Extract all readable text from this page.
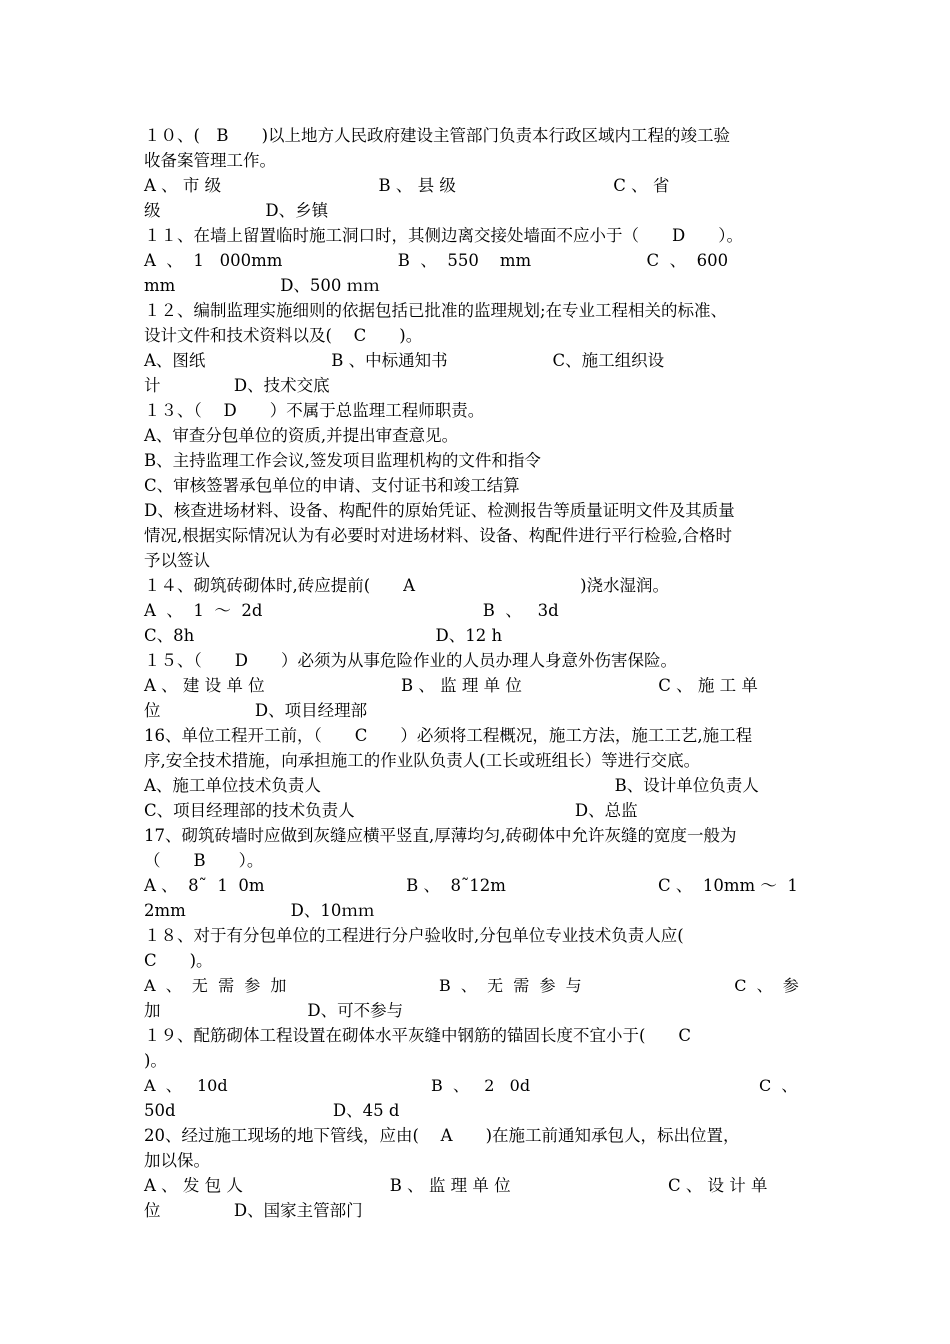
１０、(　B　　)以上地方人民政府建设主管部门负责本行政区域内工程的竣工验
收备案管理工作。
A 、 市 级                              B 、 县 级                              C 、 省
级                    D、乡镇
１１、在墙上留置临时施工洞口时，其侧边离交接处墙面不应小于（　　D　　）。
A  、  1   000mm                      B  、  550    mm                      C  、  600
mm                    D、500 ｍｍ
１２、编制监理实施细则的依据包括已批准的监理规划;在专业工程相关的标准、
设计文件和技术资料以及(　 C　　)。
A、图纸                        B 、中标通知书                    C、施工组织设
计              D、技术交底
１３、（　 D　　）不属于总监理工程师职责。
A、审查分包单位的资质,并提出审查意见。
B、主持监理工作会议,签发项目监理机构的文件和指令
C、审核签署承包单位的申请、支付证书和竣工结算
D、核查进场材料、设备、构配件的原始凭证、检测报告等质量证明文件及其质量
情况,根据实际情况认为有必要时对进场材料、设备、构配件进行平行检验,合格时
予以签认
１４、砌筑砖砌体时,砖应提前(　　A　　　　　　　　　　)浇水湿润。
A  、  1  ～  2d                                          B  、   3d
C、8h                                              D、12 h
１５、（　　D　　）必须为从事危险作业的人员办理人身意外伤害保险。
A 、 建 设 单 位                          B 、 监 理 单 位                          C 、 施 工 单
位                  D、项目经理部
16、单位工程开工前，（　　C　　）必须将工程概况，施工方法，施工工艺,施工程
序,安全技术措施，向承担施工的作业队负责人(工长或班组长）等进行交底。
A、施工单位技术负责人                                                        B、设计单位负责人
C、项目经理部的技术负责人                                          D、总监
17、砌筑砖墙时应做到灰缝应横平竖直,厚薄均匀,砖砌体中允许灰缝的宽度一般为
（　　B　　）。
A 、  8˜  1  0m                           B 、  8˜12m                             C 、  10mm ～  1
2mm                    D、10ｍｍ
１８、对于有分包单位的工程进行分户验收时,分包单位专业技术负责人应(
C　　)。
A  、  无  需  参  加                              B  、  无  需  参  与                              C  、  参
加                            D、可不参与
１９、配筋砌体工程设置在砌体水平灰缝中钢筋的锚固长度不宜小于(　　C
)。
A  、   10d                                        B  、   2   0d                                             C  、
50d                              D、45 d
20、经过施工现场的地下管线，应由(　 A　　)在施工前通知承包人，标出位置，
加以保。
A 、 发 包 人                            B 、 监 理 单 位                              C 、 设 计 单
位              D、国家主管部门
